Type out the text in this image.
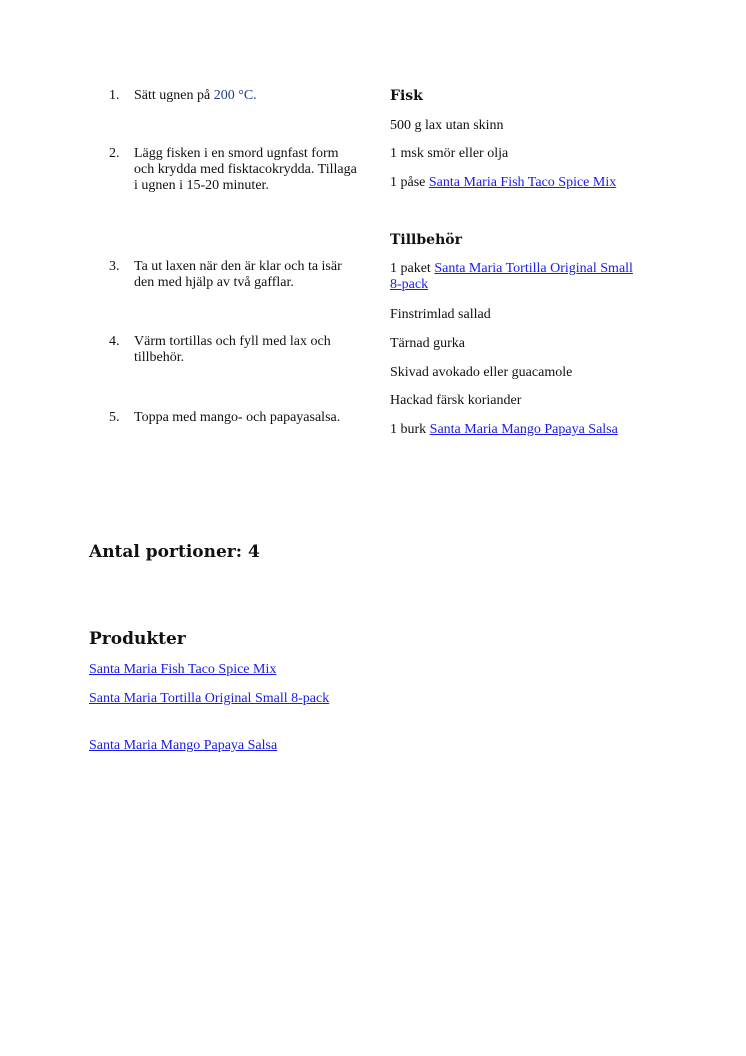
1.	Sätt ugnen på 200 °C.
2.	Lägg fisken i en smord ugnfast form och krydda med fisktacokrydda. Tillaga i ugnen i 15-20 minuter.
3.	Ta ut laxen när den är klar och ta isär den med hjälp av två gafflar.
4.	Värm tortillas och fyll med lax och tillbehör.
5.	Toppa med mango- och papayasalsa.
Fisk
500 g lax utan skinn
1 msk smör eller olja
1 påse Santa Maria Fish Taco Spice Mix
Tillbehör
1 paket Santa Maria Tortilla Original Small 8-pack
Finstrimlad sallad
Tärnad gurka
Skivad avokado eller guacamole
Hackad färsk koriander
1 burk Santa Maria Mango Papaya Salsa
Antal portioner: 4
Produkter
Santa Maria Fish Taco Spice Mix
Santa Maria Tortilla Original Small 8-pack
Santa Maria Mango Papaya Salsa
